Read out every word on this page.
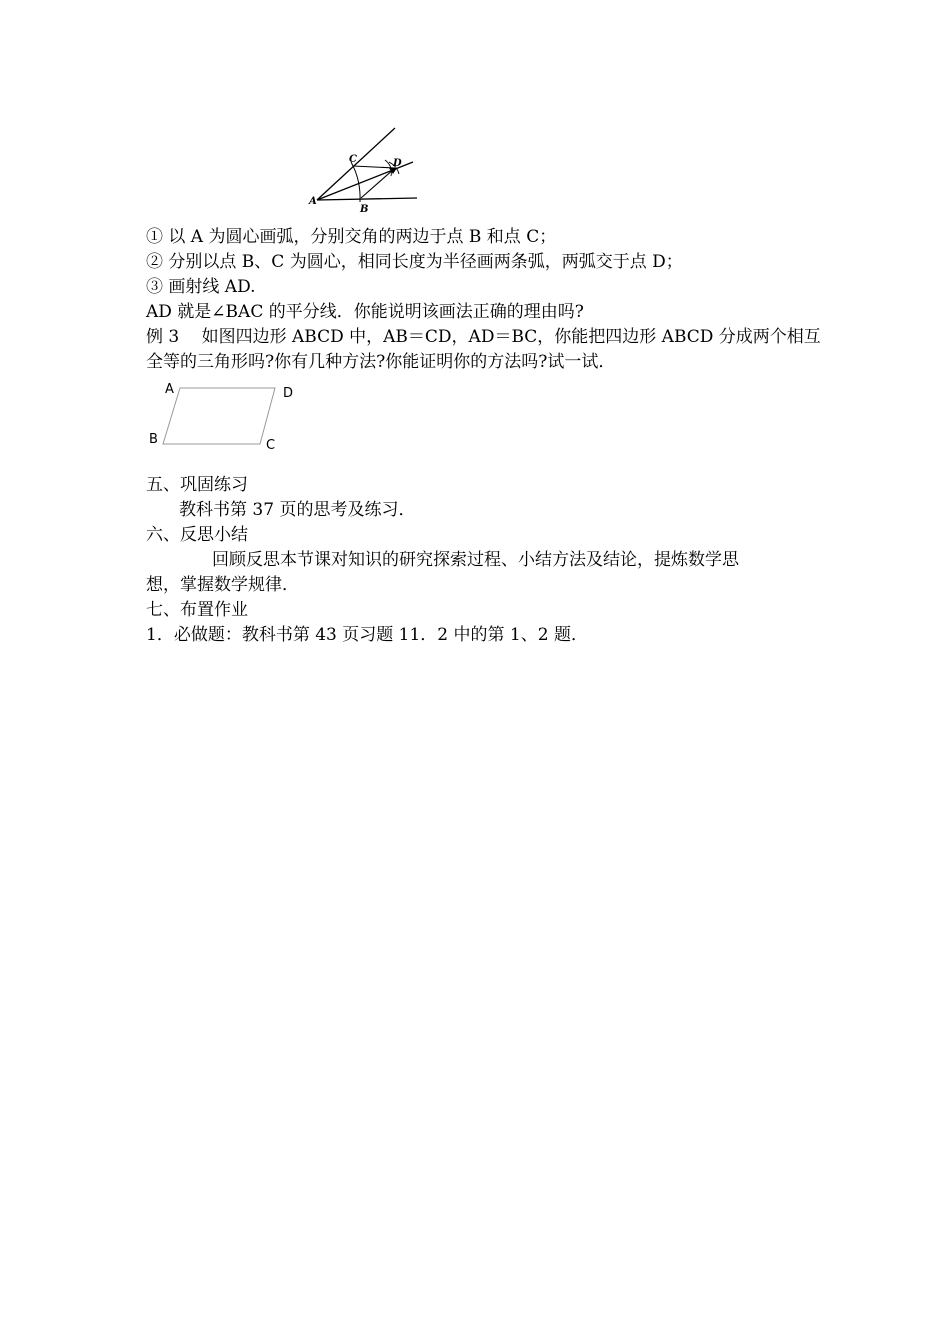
A
B
C	D
① 以 A 为圆心画弧，分别交角的两边于点 B 和点 C；
② 分别以点 B、C 为圆心，相同长度为半径画两条弧，两弧交于点 D；
③ 画射线 AD.
AD 就是∠BAC 的平分线．你能说明该画法正确的理由吗?
例 3　 如图四边形 ABCD 中，AB＝CD，AD＝BC，你能把四边形 ABCD 分成两个相互
全等的三角形吗?你有几种方法?你能证明你的方法吗?试一试．
A	D
B	C
五、巩固练习
教科书第 37 页的思考及练习．
六、反思小结
回顾反思本节课对知识的研究探索过程、小结方法及结论，提炼数学思
想，掌握数学规律．
七、布置作业
1．必做题：教科书第 43 页习题 11．2 中的第 1、2 题．
